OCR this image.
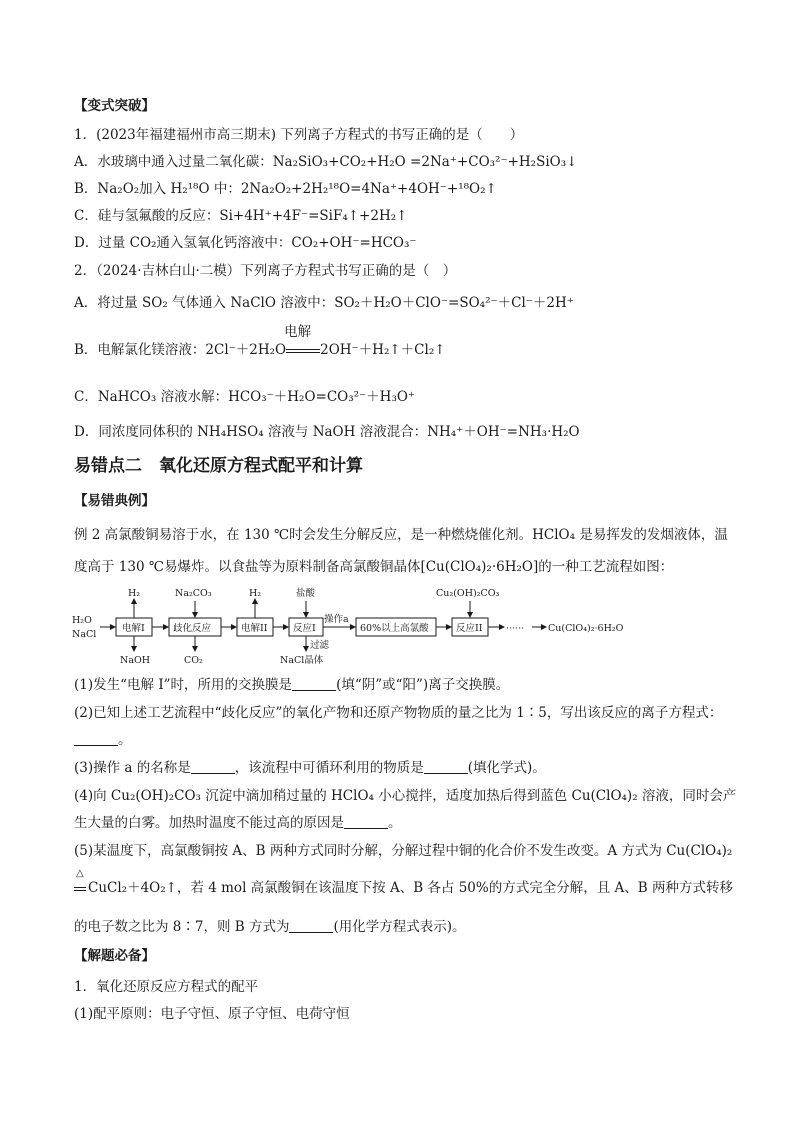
【变式突破】
1．(2023年福建福州市高三期末) 下列离子方程式的书写正确的是（　　）
A．水玻璃中通入过量二氧化碳：Na₂SiO₃+CO₂+H₂O =2Na⁺+CO₃²⁻+H₂SiO₃↓
B．Na₂O₂加入 H₂¹⁸O 中：2Na₂O₂+2H₂¹⁸O=4Na⁺+4OH⁻+¹⁸O₂↑
C．硅与氢氟酸的反应：Si+4H⁺+4F⁻=SiF₄↑+2H₂↑
D．过量 CO₂通入氢氧化钙溶液中：CO₂+OH⁻=HCO₃⁻
2．（2024·吉林白山·二模）下列离子方程式书写正确的是（　）
A．将过量 SO₂ 气体通入 NaClO 溶液中：SO₂＋H₂O＋ClO⁻=SO₄²⁻＋Cl⁻＋2H⁺
B．电解氯化镁溶液：2Cl⁻＋2H₂O
电解
2OH⁻＋H₂↑＋Cl₂↑
C．NaHCO₃ 溶液水解：HCO₃⁻＋H₂O=CO₃²⁻＋H₃O⁺
D．同浓度同体积的 NH₄HSO₄ 溶液与 NaOH 溶液混合：NH₄⁺＋OH⁻=NH₃·H₂O
易错点二　氧化还原方程式配平和计算
【易错典例】
例 2 高氯酸铜易溶于水，在 130 ℃时会发生分解反应，是一种燃烧催化剂。HClO₄ 是易挥发的发烟液体，温
度高于 130 ℃易爆炸。以食盐等为原料制备高氯酸铜晶体[Cu(ClO₄)₂·6H₂O]的一种工艺流程如图：
H₂O
NaCl
电解I
H₂
NaOH
歧化反应
Na₂CO₃
CO₂
电解II
H₂
反应I
盐酸
过滤
NaCl晶体
操作a
60%以上高氯酸	反应II
Cu₂(OH)₂CO₃
······	Cu(ClO₄)₂·6H₂O
(1)发生“电解 I”时，所用的交换膜是	(填“阴”或“阳”)离子交换膜。
(2)已知上述工艺流程中“歧化反应”的氧化产物和还原产物物质的量之比为 1∶5，写出该反应的离子方程式：
。
(3)操作 a 的名称是	，该流程中可循环利用的物质是	(填化学式)。
(4)向 Cu₂(OH)₂CO₃ 沉淀中滴加稍过量的 HClO₄ 小心搅拌，适度加热后得到蓝色 Cu(ClO₄)₂ 溶液，同时会产
生大量的白雾。加热时温度不能过高的原因是	。
(5)某温度下，高氯酸铜按 A、B 两种方式同时分解，分解过程中铜的化合价不发生改变。A 方式为 Cu(ClO₄)₂
△
CuCl₂＋4O₂↑，若 4 mol 高氯酸铜在该温度下按 A、B 各占 50%的方式完全分解，且 A、B 两种方式转移
的电子数之比为 8∶7，则 B 方式为	(用化学方程式表示)。
【解题必备】
1．氧化还原反应方程式的配平
(1)配平原则：电子守恒、原子守恒、电荷守恒
